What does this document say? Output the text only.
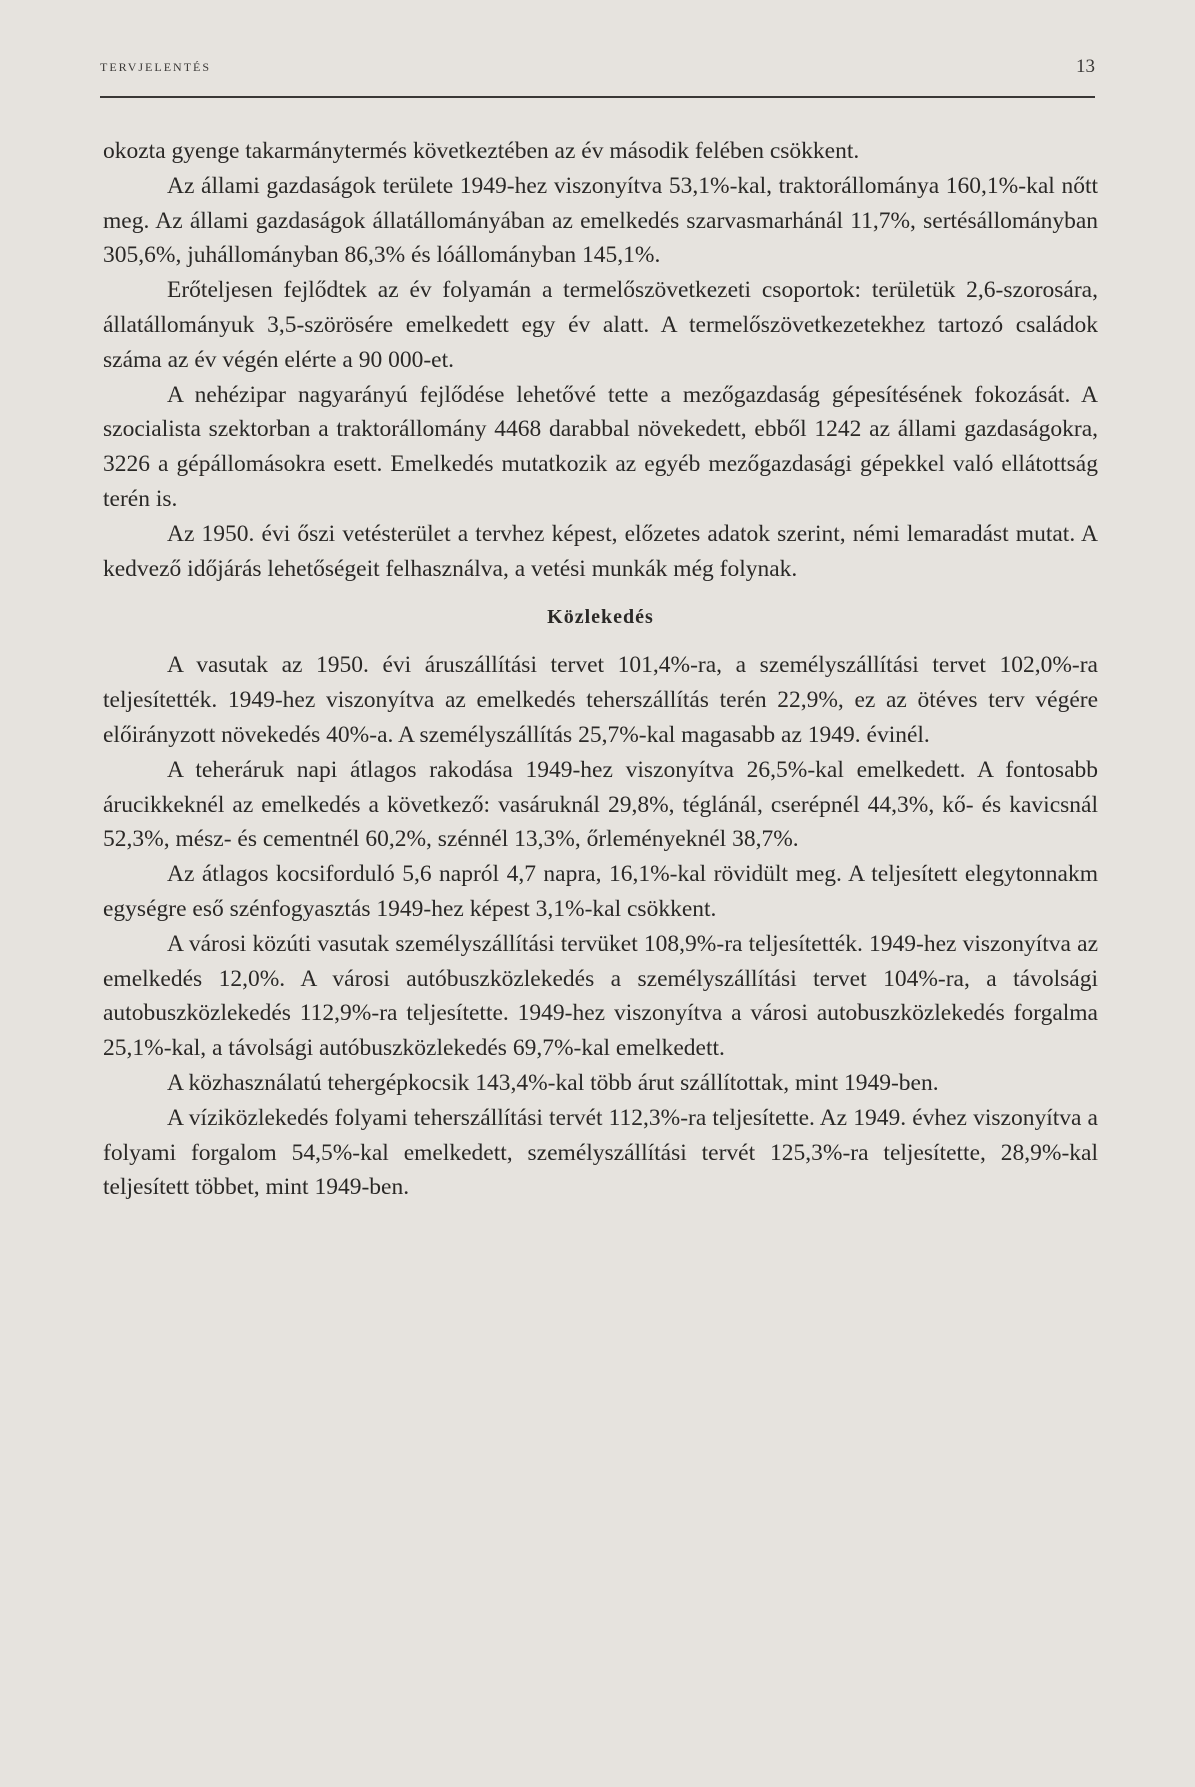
TERVJELENTÉS	13

okozta gyenge takarmánytermés következtében az év második felében csökkent.

Az állami gazdaságok területe 1949-hez viszonyítva 53,1%-kal, traktorállománya 160,1%-kal nőtt meg. Az állami gazdaságok állatállományában az emelkedés szarvasmarhánál 11,7%, sertésállományban 305,6%, juhállományban 86,3% és lóállományban 145,1%.

Erőteljesen fejlődtek az év folyamán a termelőszövetkezeti csoportok: területük 2,6-szorosára, állatállományuk 3,5-szörösére emelkedett egy év alatt. A termelőszövetkezetekhez tartozó családok száma az év végén elérte a 90 000-et.

A nehézipar nagyarányú fejlődése lehetővé tette a mezőgazdaság gépesítésének fokozását. A szocialista szektorban a traktorállomány 4468 darabbal növekedett, ebből 1242 az állami gazdaságokra, 3226 a gépállomásokra esett. Emelkedés mutatkozik az egyéb mezőgazdasági gépekkel való ellátottság terén is.

Az 1950. évi őszi vetésterület a tervhez képest, előzetes adatok szerint, némi lemaradást mutat. A kedvező időjárás lehetőségeit felhasználva, a vetési munkák még folynak.

Közlekedés

A vasutak az 1950. évi áruszállítási tervet 101,4%-ra, a személyszállítási tervet 102,0%-ra teljesítették. 1949-hez viszonyítva az emelkedés teherszállítás terén 22,9%, ez az ötéves terv végére előirányzott növekedés 40%-a. A személyszállítás 25,7%-kal magasabb az 1949. évinél.

A teheráruk napi átlagos rakodása 1949-hez viszonyítva 26,5%-kal emelkedett. A fontosabb árucikkeknél az emelkedés a következő: vasáruknál 29,8%, téglánál, cserépnél 44,3%, kő- és kavicsnál 52,3%, mész- és cementnél 60,2%, szénnél 13,3%, őrleményeknél 38,7%.

Az átlagos kocsiforduló 5,6 napról 4,7 napra, 16,1%-kal rövidült meg. A teljesített elegytonnakm egységre eső szénfogyasztás 1949-hez képest 3,1%-kal csökkent.

A városi közúti vasutak személyszállítási tervüket 108,9%-ra teljesítették. 1949-hez viszonyítva az emelkedés 12,0%. A városi autóbuszközlekedés a személyszállítási tervet 104%-ra, a távolsági autobuszközlekedés 112,9%-ra teljesítette. 1949-hez viszonyítva a városi autobuszközlekedés forgalma 25,1%-kal, a távolsági autóbuszközlekedés 69,7%-kal emelkedett.

A közhasználatú tehergépkocsik 143,4%-kal több árut szállítottak, mint 1949-ben.

A víziközlekedés folyami teherszállítási tervét 112,3%-ra teljesítette. Az 1949. évhez viszonyítva a folyami forgalom 54,5%-kal emelkedett, személyszállítási tervét 125,3%-ra teljesítette, 28,9%-kal teljesített többet, mint 1949-ben.
